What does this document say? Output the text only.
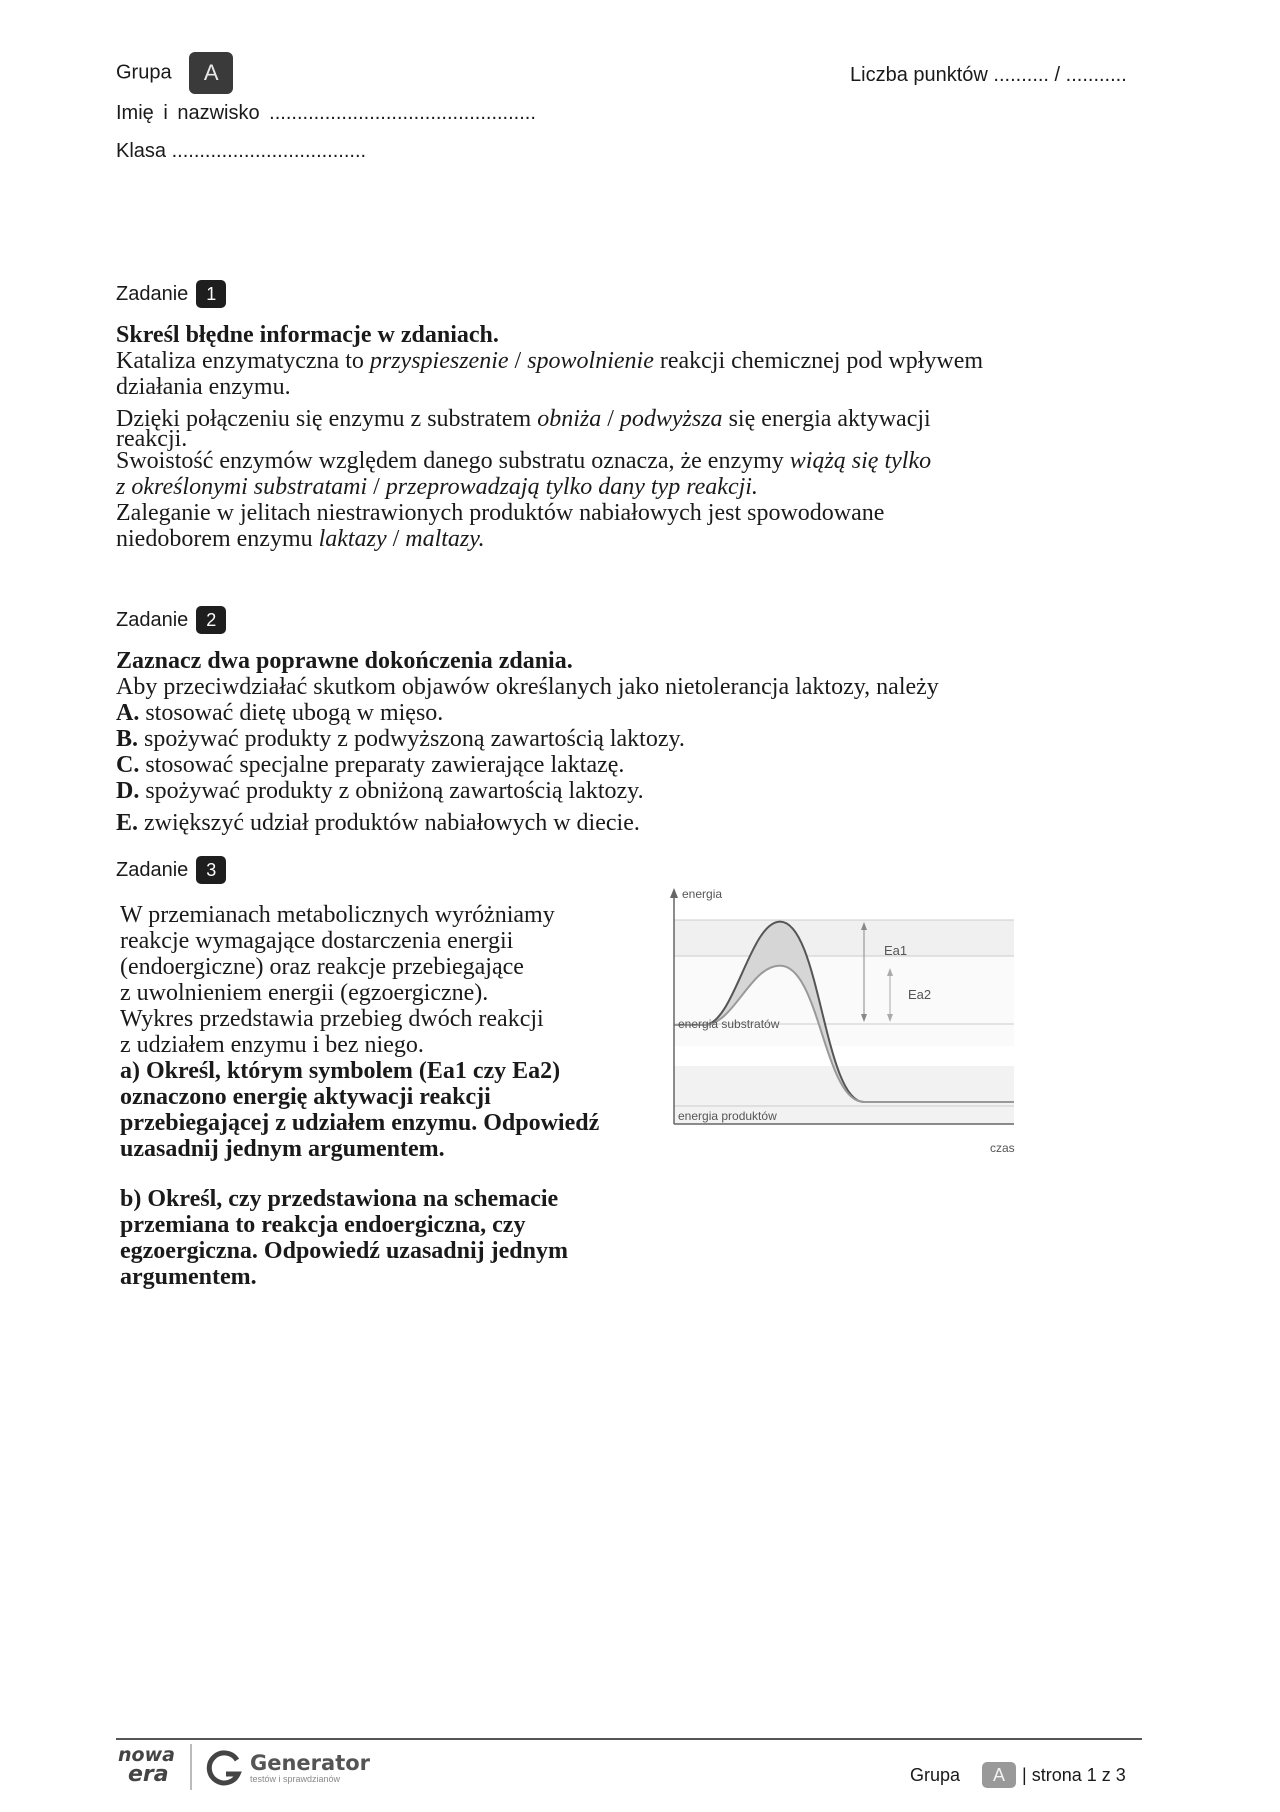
Grupa A	Liczba punktów .......... / ...........
Imię i nazwisko ................................................
Klasa ...................................
Zadanie 1

Skreśl błędne informacje w zdaniach.

Kataliza enzymatyczna to przyspieszenie / spowolnienie reakcji chemicznej pod wpływem

działania enzymu.

Dzięki połączeniu się enzymu z substratem obniża / podwyższa się energia aktywacji

reakcji.

Swoistość enzymów względem danego substratu oznacza, że enzymy wiążą się tylko

z określonymi substratami / przeprowadzają tylko dany typ reakcji.

Zaleganie w jelitach niestrawionych produktów nabiałowych jest spowodowane

niedoborem enzymu laktazy / maltazy.

Zadanie 2

Zaznacz dwa poprawne dokończenia zdania.

Aby przeciwdziałać skutkom objawów określanych jako nietolerancja laktozy, należy

A. stosować dietę ubogą w mięso.

B. spożywać produkty z podwyższoną zawartością laktozy.

C. stosować specjalne preparaty zawierające laktazę.

D. spożywać produkty z obniżoną zawartością laktozy.

E. zwiększyć udział produktów nabiałowych w diecie.

Zadanie 3

W przemianach metabolicznych wyróżniamy

reakcje wymagające dostarczenia energii

(endoergiczne) oraz reakcje przebiegające

z uwolnieniem energii (egzoergiczne).

Wykres przedstawia przebieg dwóch reakcji

z udziałem enzymu i bez niego.

a) Określ, którym symbolem (Ea1 czy Ea2)

oznaczono energię aktywacji reakcji

przebiegającej z udziałem enzymu. Odpowiedź

uzasadnij jednym argumentem.

b) Określ, czy przedstawiona na schemacie

przemiana to reakcja endoergiczna, czy

egzoergiczna. Odpowiedź uzasadnij jednym

argumentem.

energia
energia substratów
energia produktów
Ea1
Ea2
czas
nowa
era	Generator
testów i sprawdzianów	Grupa	A | strona 1 z 3
